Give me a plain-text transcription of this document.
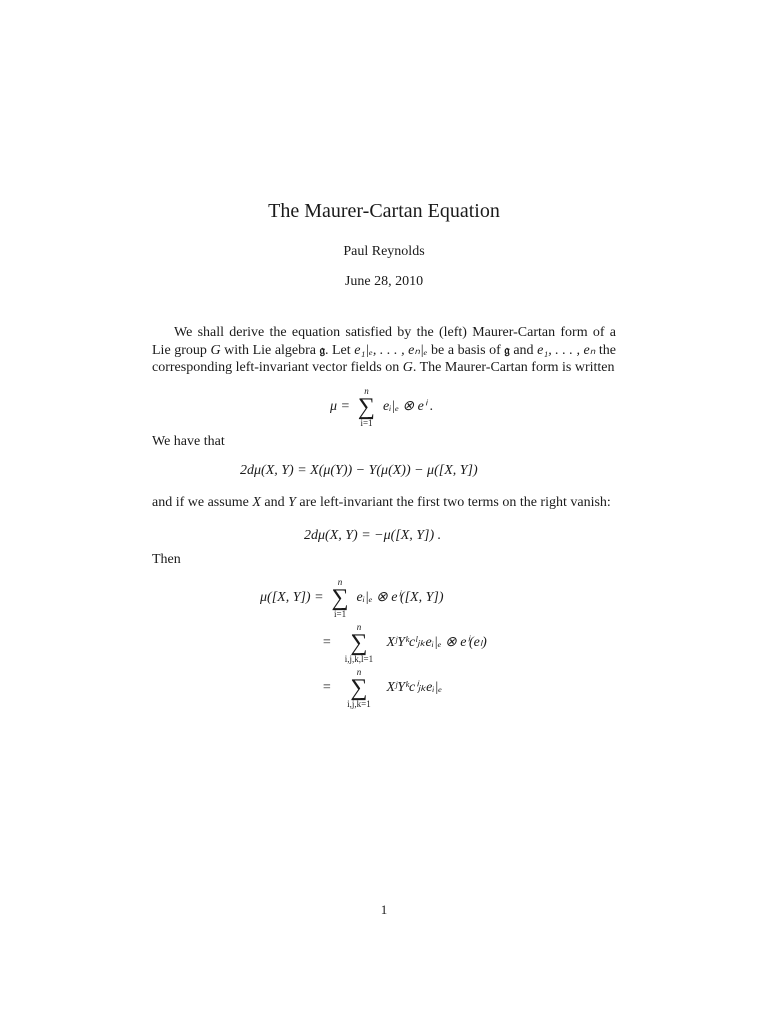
The Maurer-Cartan Equation
Paul Reynolds
June 28, 2010
We shall derive the equation satisfied by the (left) Maurer-Cartan form of a Lie group G with Lie algebra 𝔤. Let e₁|ₑ, . . . , eₙ|ₑ be a basis of 𝔤 and e₁, . . . , eₙ the corresponding left-invariant vector fields on G. The Maurer-Cartan form is written
μ =
n
∑
i=1
eᵢ|ₑ ⊗ eⁱ .
We have that
2dμ(X, Y) = X(μ(Y)) − Y(μ(X)) − μ([X, Y])
and if we assume X and Y are left-invariant the first two terms on the right vanish:
2dμ(X, Y) = −μ([X, Y]) .
Then
μ([X, Y]) =
n
∑
i=1
eᵢ|ₑ ⊗ eⁱ([X, Y])
=
n
∑
i,j,k,l=1
XʲYᵏcˡⱼₖeᵢ|ₑ ⊗ eⁱ(eₗ)
=
n
∑
i,j,k=1
XʲYᵏcⁱⱼₖeᵢ|ₑ
1
